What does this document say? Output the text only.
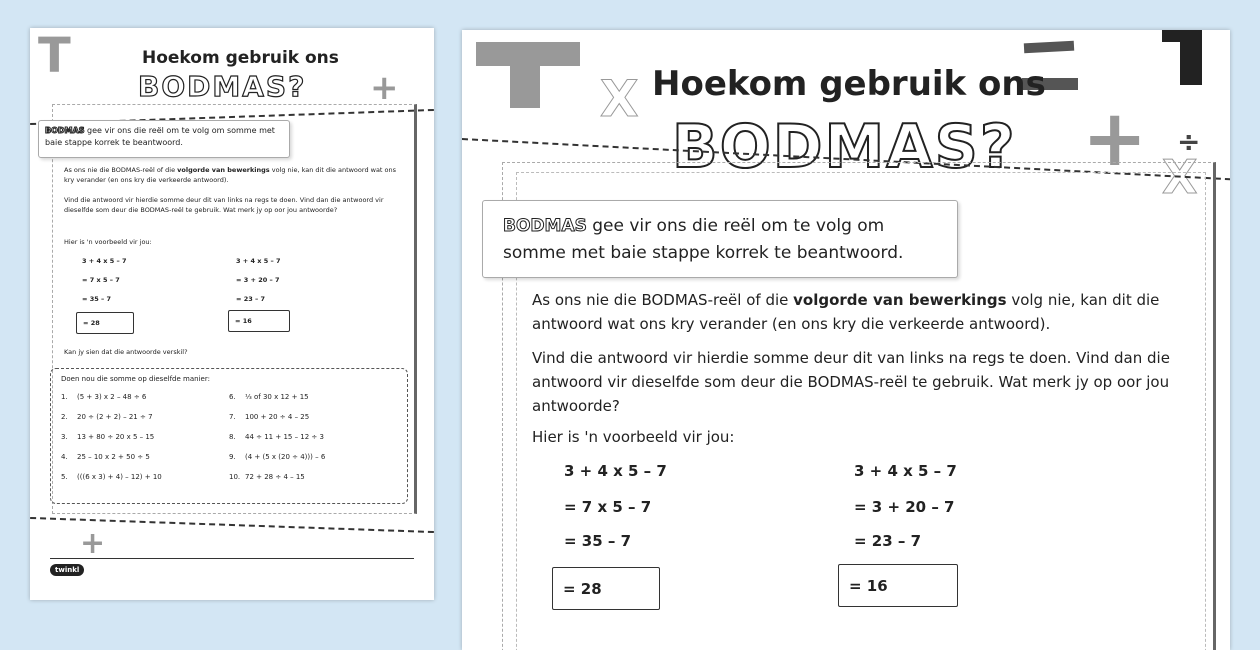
T
+
Hoekom gebruik ons
BODMAS?
BODMAS gee vir ons die reël om te volg om somme met baie stappe korrek te beantwoord.
As ons nie die BODMAS-reël of die volgorde van bewerkings volg nie, kan dit die antwoord wat ons kry verander (en ons kry die verkeerde antwoord).
Vind die antwoord vir hierdie somme deur dit van links na regs te doen. Vind dan die antwoord vir dieselfde som deur die BODMAS-reël te gebruik. Wat merk jy op oor jou antwoorde?
Hier is 'n voorbeeld vir jou:
3 + 4 x 5 – 7
= 7 x 5 – 7
= 35 – 7
= 28
3 + 4 x 5 – 7
= 3 + 20 – 7
= 23 – 7
= 16
Kan jy sien dat die antwoorde verskil?
Doen nou die somme op dieselfde manier:
1.	(5 + 3) x 2 – 48 ÷ 6	6.	⅓ of 30 x 12 + 15
2.	20 ÷ (2 + 2) – 21 ÷ 7	7.	100 + 20 ÷ 4 – 25
3.	13 + 80 ÷ 20 x 5 – 15	8.	44 ÷ 11 + 15 – 12 ÷ 3
4.	25 – 10 x 2 + 50 ÷ 5	9.	(4 + (5 x (20 ÷ 4))) – 6
5.	(((6 x 3) + 4) – 12) + 10	10. 72 + 28 ÷ 4 – 15
+
twinkl
+ ÷
X
X Hoekom gebruik ons
BODMAS?
BODMAS gee vir ons die reël om te volg om somme met baie stappe korrek te beantwoord.
As ons nie die BODMAS-reël of die volgorde van bewerkings volg nie, kan dit die antwoord wat ons kry verander (en ons kry die verkeerde antwoord).
Vind die antwoord vir hierdie somme deur dit van links na regs te doen. Vind dan die antwoord vir dieselfde som deur die BODMAS-reël te gebruik. Wat merk jy op oor jou antwoorde?
Hier is 'n voorbeeld vir jou:
3 + 4 x 5 – 7
= 7 x 5 – 7
= 35 – 7
= 28
3 + 4 x 5 – 7
= 3 + 20 – 7
= 23 – 7
= 16
